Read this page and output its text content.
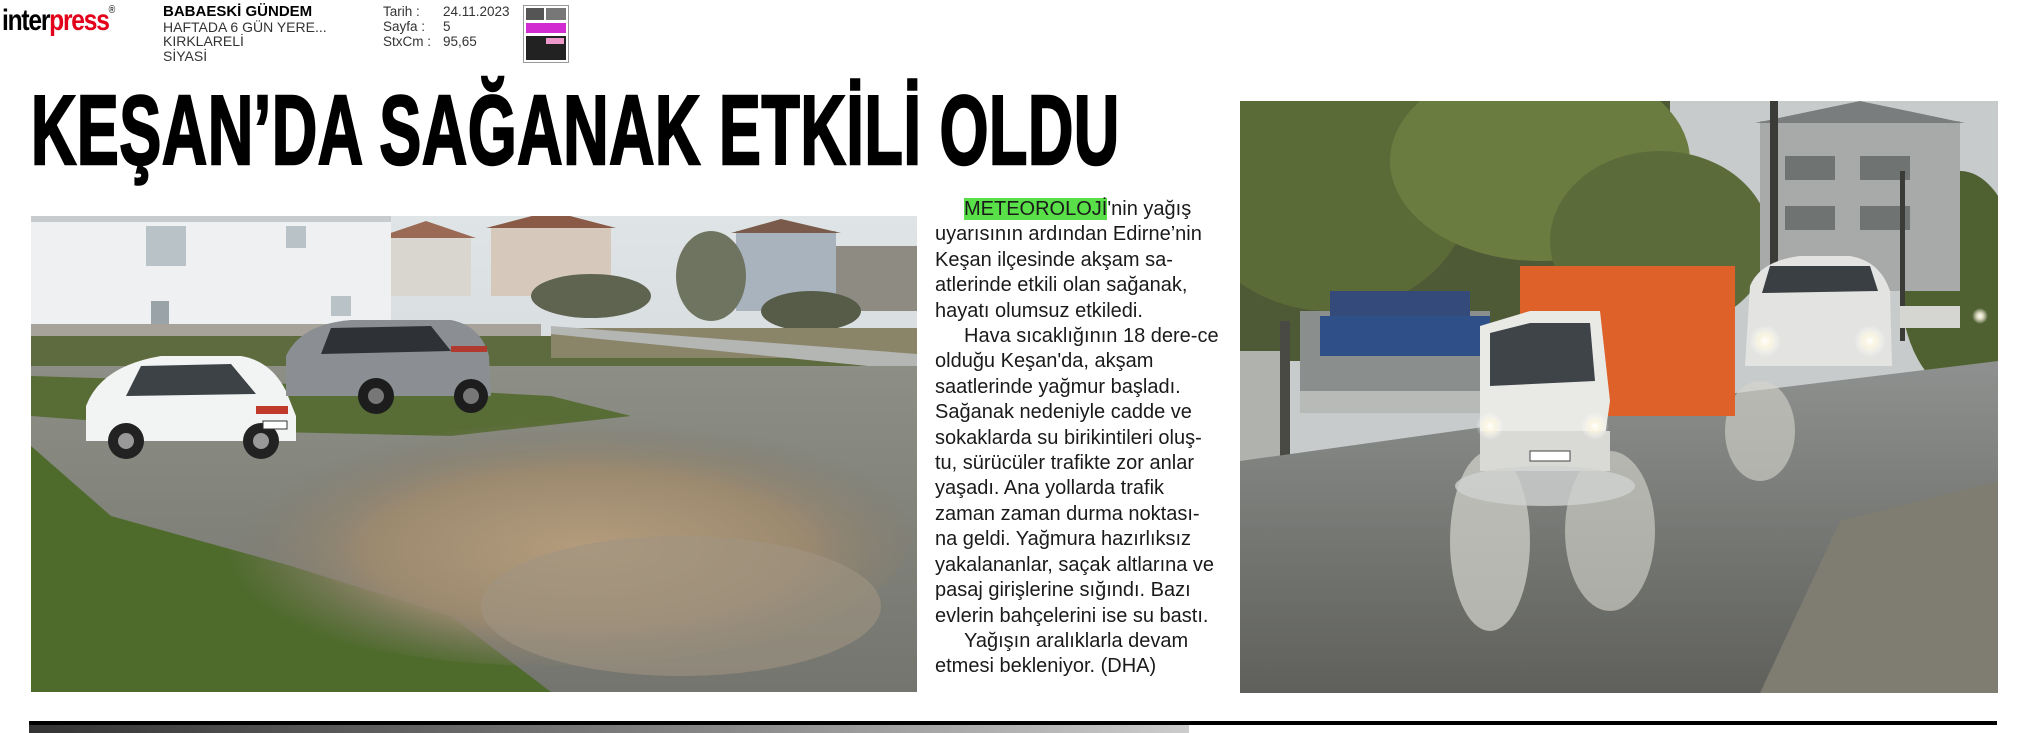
interpress®	BABAESKİ GÜNDEM
HAFTADA 6 GÜN YERE...
KIRKLARELİ
SİYASİ
Tarih :	24.11.2023
Sayfa :	5
StxCm : 95,65
KEŞAN’DA SAĞANAK ETKİLİ OLDU

METEOROLOJİ'nin yağış uyarısının ardından Edirne’nin Keşan ilçesinde akşam sa-atlerinde etkili olan sağanak, hayatı olumsuz etkiledi.

Hava sıcaklığının 18 dere-ce olduğu Keşan'da, akşam saatlerinde yağmur başladı. Sağanak nedeniyle cadde ve sokaklarda su birikintileri oluş-tu, sürücüler trafikte zor anlar yaşadı. Ana yollarda trafik zaman zaman durma noktası-na geldi. Yağmura hazırlıksız yakalananlar, saçak altlarına ve pasaj girişlerine sığındı. Bazı evlerin bahçelerini ise su bastı.

Yağışın aralıklarla devam etmesi bekleniyor. (DHA)
